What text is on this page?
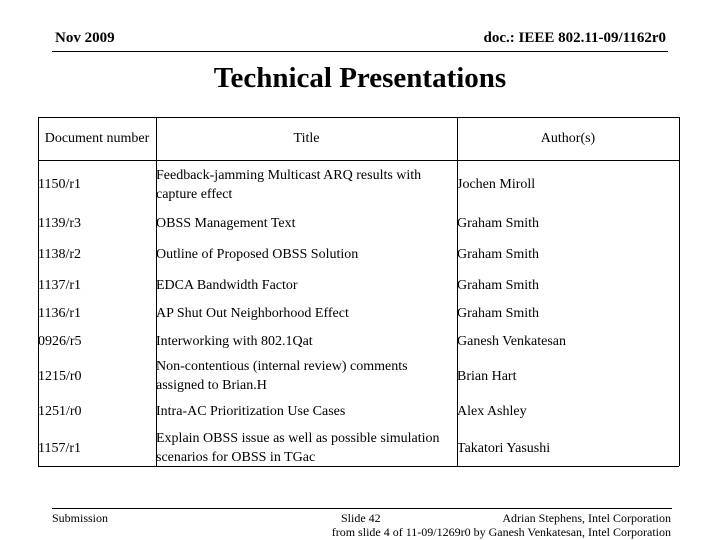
Nov 2009	doc.: IEEE 802.11-09/1162r0
Technical Presentations
Document number	Title	Author(s)
1150/r1	Feedback-jamming Multicast ARQ results with capture effect	Jochen Miroll
1139/r3	OBSS Management Text	Graham Smith
1138/r2	Outline of Proposed OBSS Solution	Graham Smith
1137/r1	EDCA Bandwidth Factor	Graham Smith
1136/r1	AP Shut Out Neighborhood Effect	Graham Smith
0926/r5	Interworking with 802.1Qat	Ganesh Venkatesan
1215/r0	Non-contentious (internal review) comments assigned to Brian.H	Brian Hart
1251/r0	Intra-AC Prioritization Use Cases	Alex Ashley
1157/r1	Explain OBSS issue as well as possible simulation scenarios for OBSS in TGac	Takatori Yasushi
Submission	Slide 42	Adrian Stephens, Intel Corporation
from slide 4 of 11-09/1269r0 by Ganesh Venkatesan, Intel Corporation
